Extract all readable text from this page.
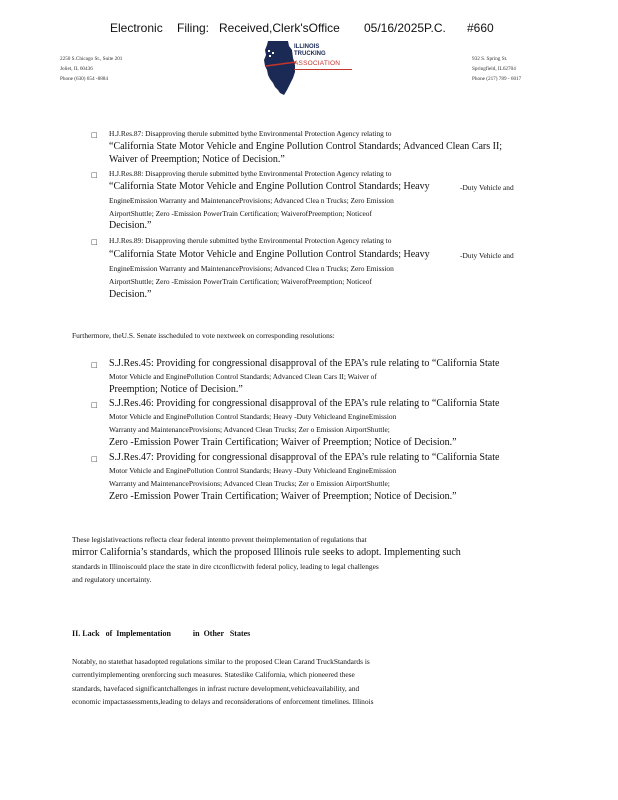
Electronic Filing: Received,Clerk'sOffice 05/16/2025P.C. #660
2250 S.Chicago St., Suite 201
Joliet, IL 60436
Phone (630) 654 -8884
932 S. Spring St.
Springfield, IL62704
Phone (217) 789 - 6017
ILLINOIS
TRUCKING
ASSOCIATION
□ H.J.Res.87: Disapproving therule submitted bythe Environmental Protection Agency relating to
“California State Motor Vehicle and Engine Pollution Control Standards; Advanced Clean Cars II;
Waiver of Preemption; Notice of Decision.”
□ H.J.Res.88: Disapproving therule submitted bythe Environmental Protection Agency relating to
“California State Motor Vehicle and Engine Pollution Control Standards; Heavy	-Duty Vehicle and
EngineEmission Warranty and MaintenanceProvisions; Advanced Clea n Trucks; Zero Emission
AirportShuttle; Zero -Emission PowerTrain Certification; WaiverofPreemption; Noticeof
Decision.”
□ H.J.Res.89: Disapproving therule submitted bythe Environmental Protection Agency relating to
“California State Motor Vehicle and Engine Pollution Control Standards; Heavy	-Duty Vehicle and
EngineEmission Warranty and MaintenanceProvisions; Advanced Clea n Trucks; Zero Emission
AirportShuttle; Zero -Emission PowerTrain Certification; WaiverofPreemption; Noticeof
Decision.”
Furthermore, theU.S. Senate isscheduled to vote nextweek on corresponding resolutions:
□ S.J.Res.45: Providing for congressional disapproval of the EPA’s rule relating to “California State
Motor Vehicle and EnginePollution Control Standards; Advanced Clean Cars II; Waiver of
Preemption; Notice of Decision.”
□ S.J.Res.46: Providing for congressional disapproval of the EPA’s rule relating to “California State
Motor Vehicle and EnginePollution Control Standards; Heavy -Duty Vehicleand EngineEmission
Warranty and MaintenanceProvisions; Advanced Clean Trucks; Zer o Emission AirportShuttle;
Zero -Emission Power Train Certification; Waiver of Preemption; Notice of Decision.”
□ S.J.Res.47: Providing for congressional disapproval of the EPA’s rule relating to “California State
Motor Vehicle and EnginePollution Control Standards; Heavy -Duty Vehicleand EngineEmission
Warranty and MaintenanceProvisions; Advanced Clean Trucks; Zer o Emission AirportShuttle;
Zero -Emission Power Train Certification; Waiver of Preemption; Notice of Decision.”
These legislativeactions reflecta clear federal intentto prevent theimplementation of regulations that
mirror California’s standards, which the proposed Illinois rule seeks to adopt. Implementing such
standards in Illinoiscould place the state in dire ctconflictwith federal policy, leading to legal challenges
and regulatory uncertainty.
II. Lack   of  Implementation           in  Other   States
Notably, no statethat hasadopted regulations similar to the proposed Clean Carand TruckStandards is
currentlyimplementing orenforcing such measures. Stateslike California, which pioneered these
standards, havefaced significantchallenges in infrast ructure development,vehicleavailability, and
economic impactassessments,leading to delays and reconsiderations of enforcement timelines. Illinois
